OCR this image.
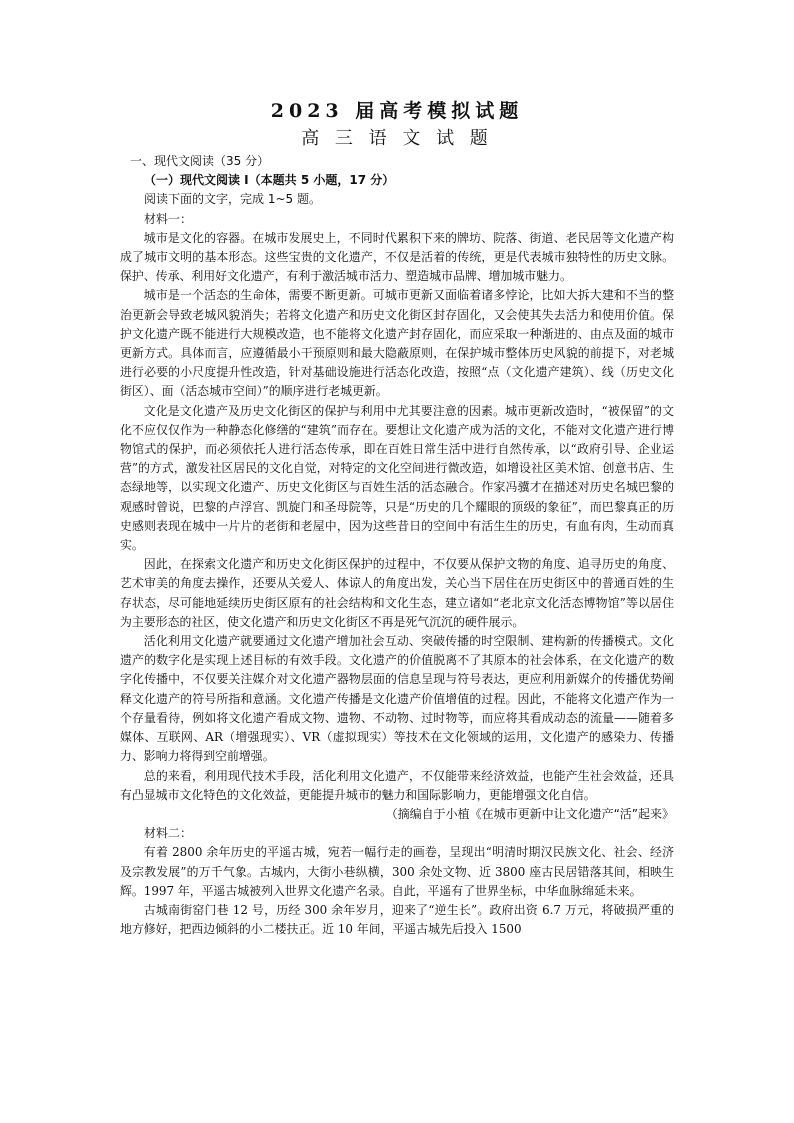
2023 届高考模拟试题
高 三 语 文 试 题

一、现代文阅读（35 分）

（一）现代文阅读 I（本题共 5 小题，17 分）

阅读下面的文字，完成 1~5 题。

材料一：

城市是文化的容器。在城市发展史上，不同时代累积下来的牌坊、院落、街道、老民居等文化遗产构成了城市文明的基本形态。这些宝贵的文化遗产，不仅是活着的传统，更是代表城市独特性的历史文脉。保护、传承、利用好文化遗产，有利于激活城市活力、塑造城市品牌、增加城市魅力。

城市是一个活态的生命体，需要不断更新。可城市更新又面临着诸多悖论，比如大拆大建和不当的整治更新会导致老城风貌消失；若将文化遗产和历史文化街区封存固化，又会使其失去活力和使用价值。保护文化遗产既不能进行大规模改造，也不能将文化遗产封存固化，而应采取一种渐进的、由点及面的城市更新方式。具体而言，应遵循最小干预原则和最大隐蔽原则，在保护城市整体历史风貌的前提下，对老城进行必要的小尺度提升性改造，针对基础设施进行活态化改造，按照“点（文化遗产建筑）、线（历史文化街区）、面（活态城市空间）”的顺序进行老城更新。

文化是文化遗产及历史文化街区的保护与利用中尤其要注意的因素。城市更新改造时，“被保留”的文化不应仅仅作为一种静态化修缮的“建筑”而存在。要想让文化遗产成为活的文化，不能对文化遗产进行博物馆式的保护，而必须依托人进行活态传承，即在百姓日常生活中进行自然传承，以“政府引导、企业运营”的方式，激发社区居民的文化自觉，对特定的文化空间进行微改造，如增设社区美术馆、创意书店、生态绿地等，以实现文化遗产、历史文化街区与百姓生活的活态融合。作家冯骥才在描述对历史名城巴黎的观感时曾说，巴黎的卢浮宫、凯旋门和圣母院等，只是“历史的几个耀眼的顶级的象征”，而巴黎真正的历史感则表现在城中一片片的老街和老屋中，因为这些昔日的空间中有活生生的历史，有血有肉，生动而真实。

因此，在探索文化遗产和历史文化街区保护的过程中，不仅要从保护文物的角度、追寻历史的角度、艺术审美的角度去操作，还要从关爱人、体谅人的角度出发，关心当下居住在历史街区中的普通百姓的生存状态，尽可能地延续历史街区原有的社会结构和文化生态，建立诸如“老北京文化活态博物馆”等以居住为主要形态的社区，使文化遗产和历史文化街区不再是死气沉沉的硬件展示。

活化利用文化遗产就要通过文化遗产增加社会互动、突破传播的时空限制、建构新的传播模式。文化遗产的数字化是实现上述目标的有效手段。文化遗产的价值脱离不了其原本的社会体系，在文化遗产的数字化传播中，不仅要关注媒介对文化遗产器物层面的信息呈现与符号表达，更应利用新媒介的传播优势阐释文化遗产的符号所指和意涵。文化遗产传播是文化遗产价值增值的过程。因此，不能将文化遗产作为一个存量看待，例如将文化遗产看成文物、遗物、不动物、过时物等，而应将其看成动态的流量——随着多媒体、互联网、AR（增强现实）、VR（虚拟现实）等技术在文化领域的运用，文化遗产的感染力、传播力、影响力将得到空前增强。

总的来看，利用现代技术手段，活化利用文化遗产，不仅能带来经济效益，也能产生社会效益，还具有凸显城市文化特色的文化效益，更能提升城市的魅力和国际影响力，更能增强文化自信。

（摘编自于小植《在城市更新中让文化遗产“活”起来》

材料二：

有着 2800 余年历史的平遥古城，宛若一幅行走的画卷，呈现出“明清时期汉民族文化、社会、经济及宗教发展”的万千气象。古城内，大街小巷纵横，300 余处文物、近 3800 座古民居错落其间，相映生辉。1997 年，平遥古城被列入世界文化遗产名录。自此，平遥有了世界坐标，中华血脉绵延未来。

古城南街窑门巷 12 号，历经 300 余年岁月，迎来了“逆生长”。政府出资 6.7 万元，将破损严重的地方修好，把西边倾斜的小二楼扶正。近 10 年间，平遥古城先后投入 1500
